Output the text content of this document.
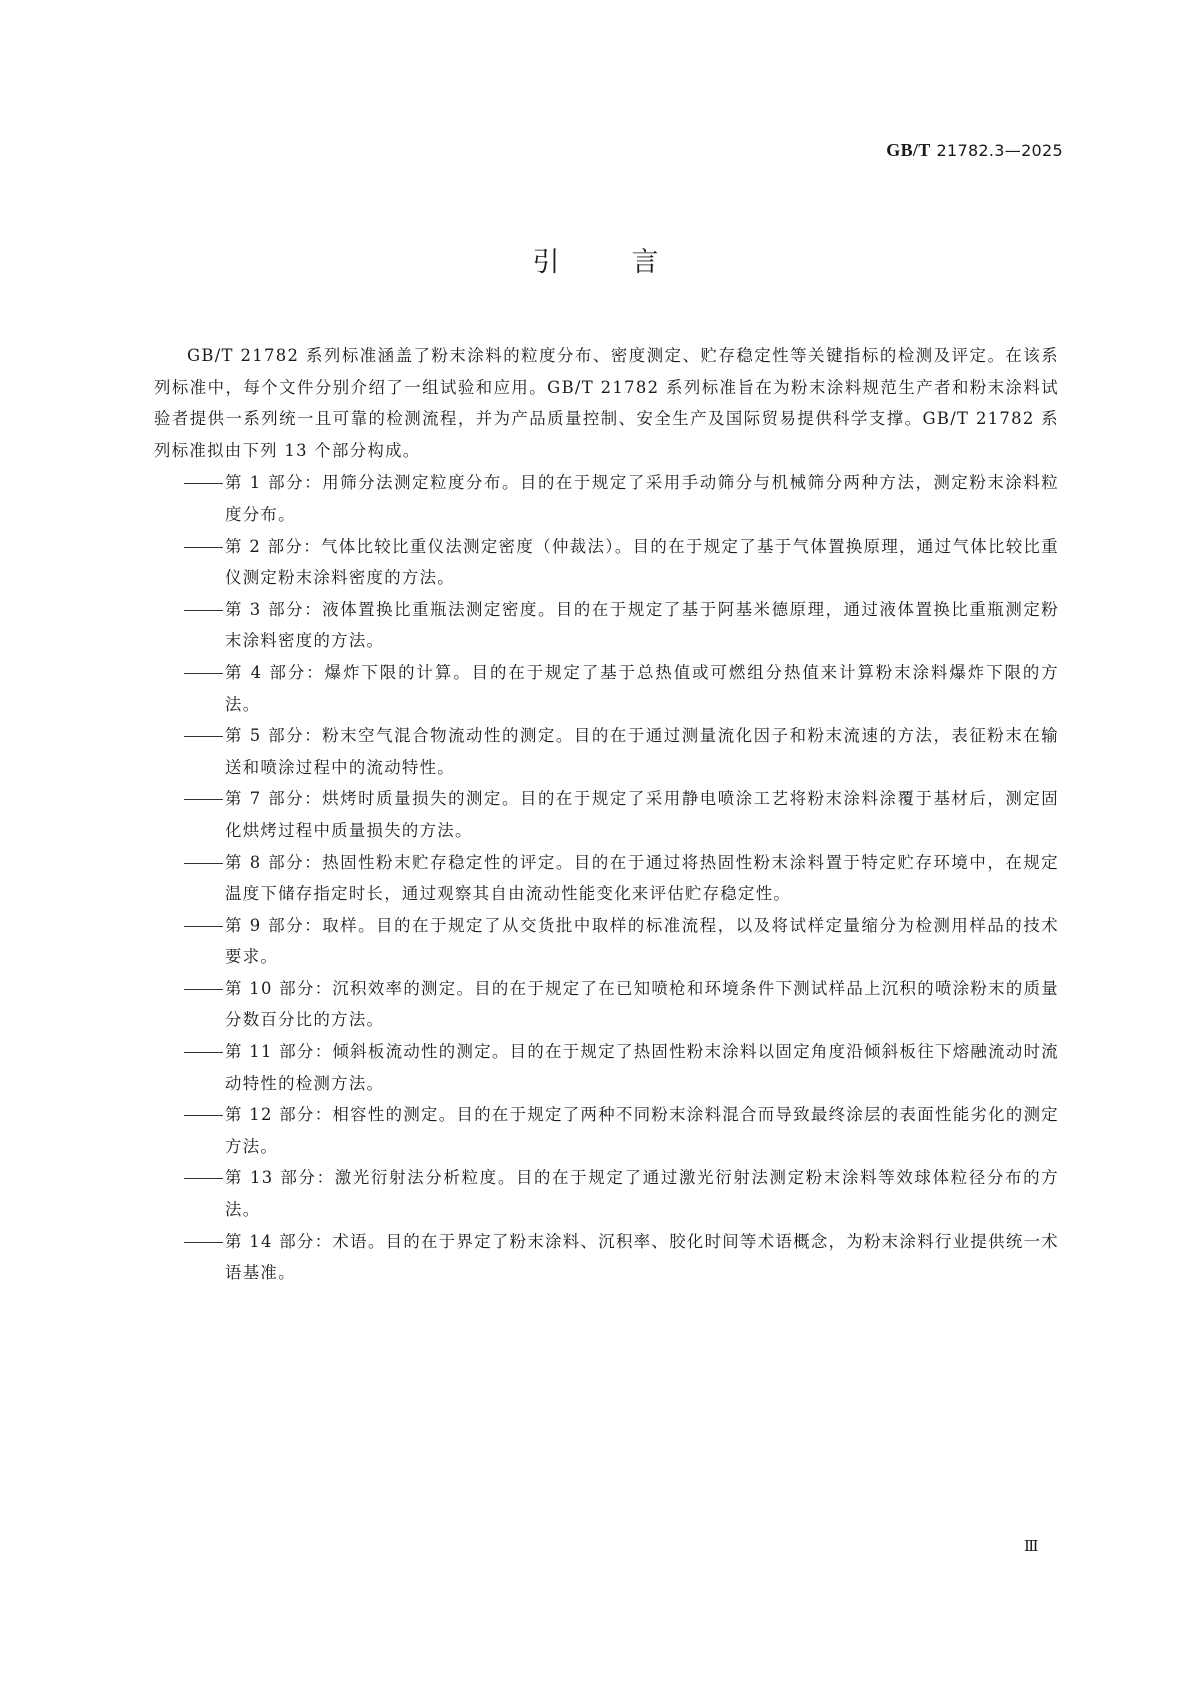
GB/T 21782.3—2025
引言

GB/T 21782 系列标准涵盖了粉末涂料的粒度分布、密度测定、贮存稳定性等关键指标的检测及评定。在该系列标准中，每个文件分别介绍了一组试验和应用。GB/T 21782 系列标准旨在为粉末涂料规范生产者和粉末涂料试验者提供一系列统一且可靠的检测流程，并为产品质量控制、安全生产及国际贸易提供科学支撑。GB/T 21782 系列标准拟由下列 13 个部分构成。

第 1 部分：用筛分法测定粒度分布。目的在于规定了采用手动筛分与机械筛分两种方法，测定粉末涂料粒度分布。

第 2 部分：气体比较比重仪法测定密度（仲裁法）。目的在于规定了基于气体置换原理，通过气体比较比重仪测定粉末涂料密度的方法。

第 3 部分：液体置换比重瓶法测定密度。目的在于规定了基于阿基米德原理，通过液体置换比重瓶测定粉末涂料密度的方法。

第 4 部分：爆炸下限的计算。目的在于规定了基于总热值或可燃组分热值来计算粉末涂料爆炸下限的方法。

第 5 部分：粉末空气混合物流动性的测定。目的在于通过测量流化因子和粉末流速的方法，表征粉末在输送和喷涂过程中的流动特性。

第 7 部分：烘烤时质量损失的测定。目的在于规定了采用静电喷涂工艺将粉末涂料涂覆于基材后，测定固化烘烤过程中质量损失的方法。

第 8 部分：热固性粉末贮存稳定性的评定。目的在于通过将热固性粉末涂料置于特定贮存环境中，在规定温度下储存指定时长，通过观察其自由流动性能变化来评估贮存稳定性。

第 9 部分：取样。目的在于规定了从交货批中取样的标准流程，以及将试样定量缩分为检测用样品的技术要求。

第 10 部分：沉积效率的测定。目的在于规定了在已知喷枪和环境条件下测试样品上沉积的喷涂粉末的质量分数百分比的方法。

第 11 部分：倾斜板流动性的测定。目的在于规定了热固性粉末涂料以固定角度沿倾斜板往下熔融流动时流动特性的检测方法。

第 12 部分：相容性的测定。目的在于规定了两种不同粉末涂料混合而导致最终涂层的表面性能劣化的测定方法。

第 13 部分：激光衍射法分析粒度。目的在于规定了通过激光衍射法测定粉末涂料等效球体粒径分布的方法。

第 14 部分：术语。目的在于界定了粉末涂料、沉积率、胶化时间等术语概念，为粉末涂料行业提供统一术语基准。

Ⅲ
